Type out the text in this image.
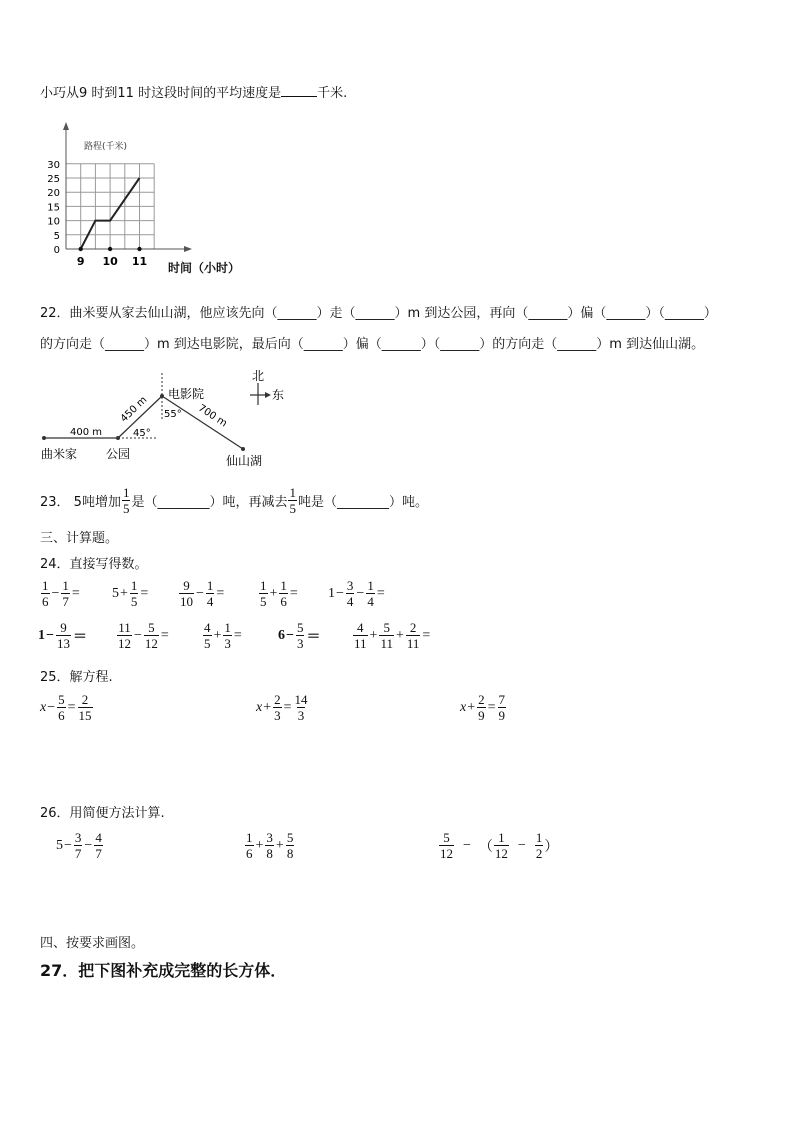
小巧从9 时到11 时这段时间的平均速度是	千米.
路程(千米)
30
25
20
15
10
5
0
9 10 11 时间（小时）
22．曲米要从家去仙山湖，他应该先向（______）走（______）m 到达公园，再向（______）偏（______）（______）
的方向走（______）m 到达电影院，最后向（______）偏（______）（______）的方向走（______）m 到达仙山湖。
400 m
450 m	700 m
45°
55°
电影院
曲米家 公园	仙山湖
北
东
23． 5吨增加 $\frac{1}{5}$ 是（________）吨，再减去 $\frac{1}{5}$ 吨是（________）吨。
三、计算题。
24．直接写得数。
$\frac{1}{6} - \frac{1}{7} = 5 + \frac{1}{5} = \frac{9}{10} - \frac{1}{4}$ =	$\frac{1}{5} + \frac{1}{6} = 1 - \frac{3}{4} - \frac{1}{4}$ =
$1 - \frac{9}{13} = \frac{11}{12} - \frac{5}{12}$ =	$\frac{4}{5} + \frac{1}{3}$ =	$6 - \frac{5}{3}$ ＝	$\frac{4}{11} + \frac{5}{11} + \frac{2}{11}$ =
25．解方程.
$x - \frac{5}{6} = \frac{2}{15}$	$x + \frac{2}{3} = \frac{14}{3}$	$x + \frac{2}{9} = \frac{7}{9}$
26．用简便方法计算.
$5 - \frac{3}{7} - \frac{4}{7}$	$\frac{1}{6} + \frac{3}{8} + \frac{5}{8}$	$\frac{5}{12}$ − （ $\frac{1}{12} - \frac{1}{2}$ ）
四、按要求画图。
27．把下图补充成完整的长方体．
